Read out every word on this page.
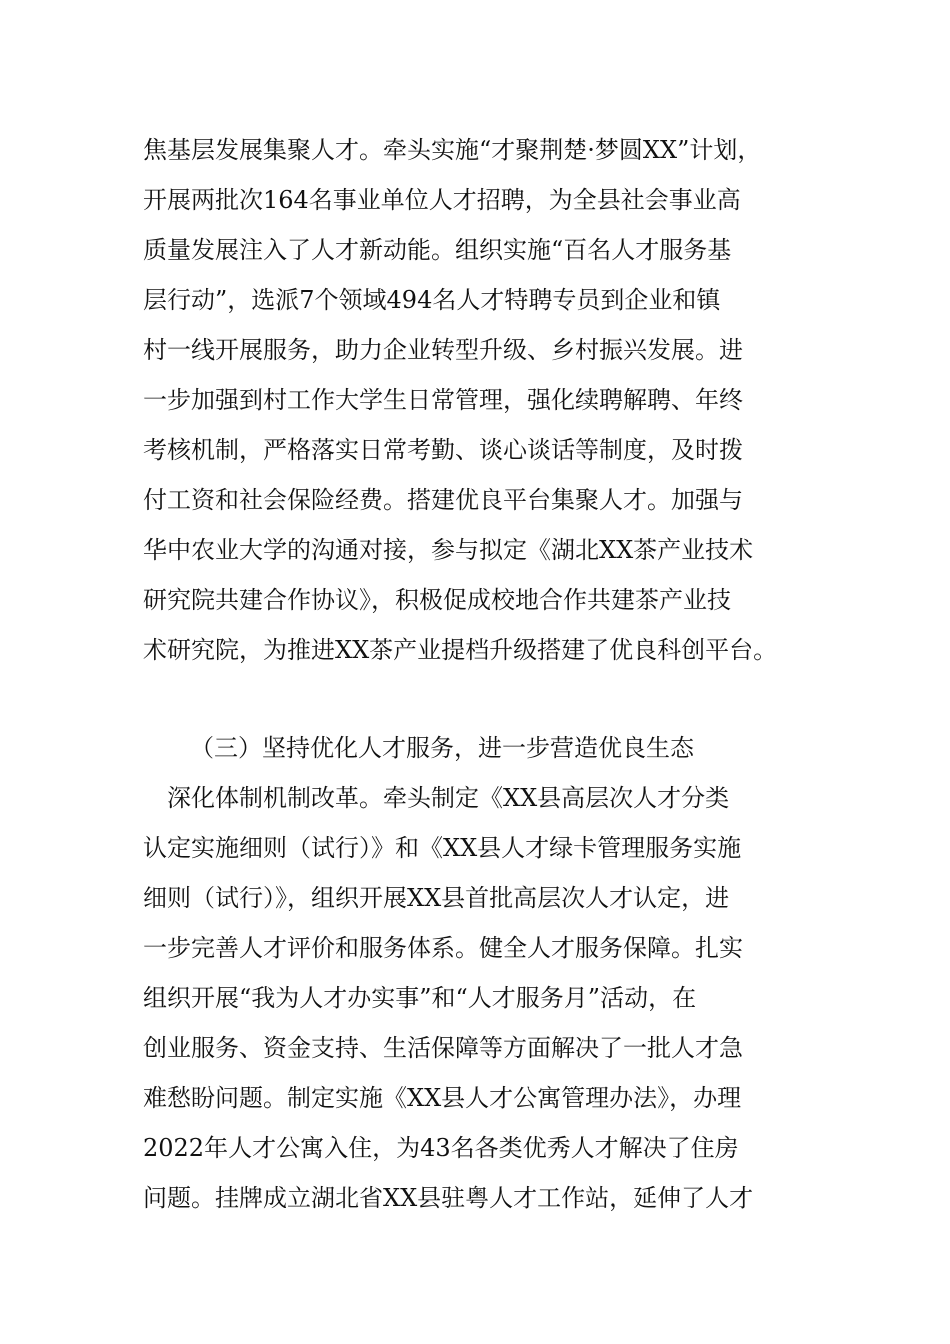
焦基层发展集聚人才。牵头实施“才聚荆楚·梦圆XX”计划，
开展两批次164名事业单位人才招聘，为全县社会事业高
质量发展注入了人才新动能。组织实施“百名人才服务基
层行动”，选派7个领域494名人才特聘专员到企业和镇
村一线开展服务，助力企业转型升级、乡村振兴发展。进
一步加强到村工作大学生日常管理，强化续聘解聘、年终
考核机制，严格落实日常考勤、谈心谈话等制度，及时拨
付工资和社会保险经费。搭建优良平台集聚人才。加强与
华中农业大学的沟通对接，参与拟定《湖北XX茶产业技术
研究院共建合作协议》，积极促成校地合作共建茶产业技
术研究院，为推进XX茶产业提档升级搭建了优良科创平台。
（三）坚持优化人才服务，进一步营造优良生态
　深化体制机制改革。牵头制定《XX县高层次人才分类
认定实施细则（试行）》和《XX县人才绿卡管理服务实施
细则（试行）》，组织开展XX县首批高层次人才认定，进
一步完善人才评价和服务体系。健全人才服务保障。扎实
组织开展“我为人才办实事”和“人才服务月”活动，在
创业服务、资金支持、生活保障等方面解决了一批人才急
难愁盼问题。制定实施《XX县人才公寓管理办法》，办理
2022年人才公寓入住，为43名各类优秀人才解决了住房
问题。挂牌成立湖北省XX县驻粤人才工作站，延伸了人才
